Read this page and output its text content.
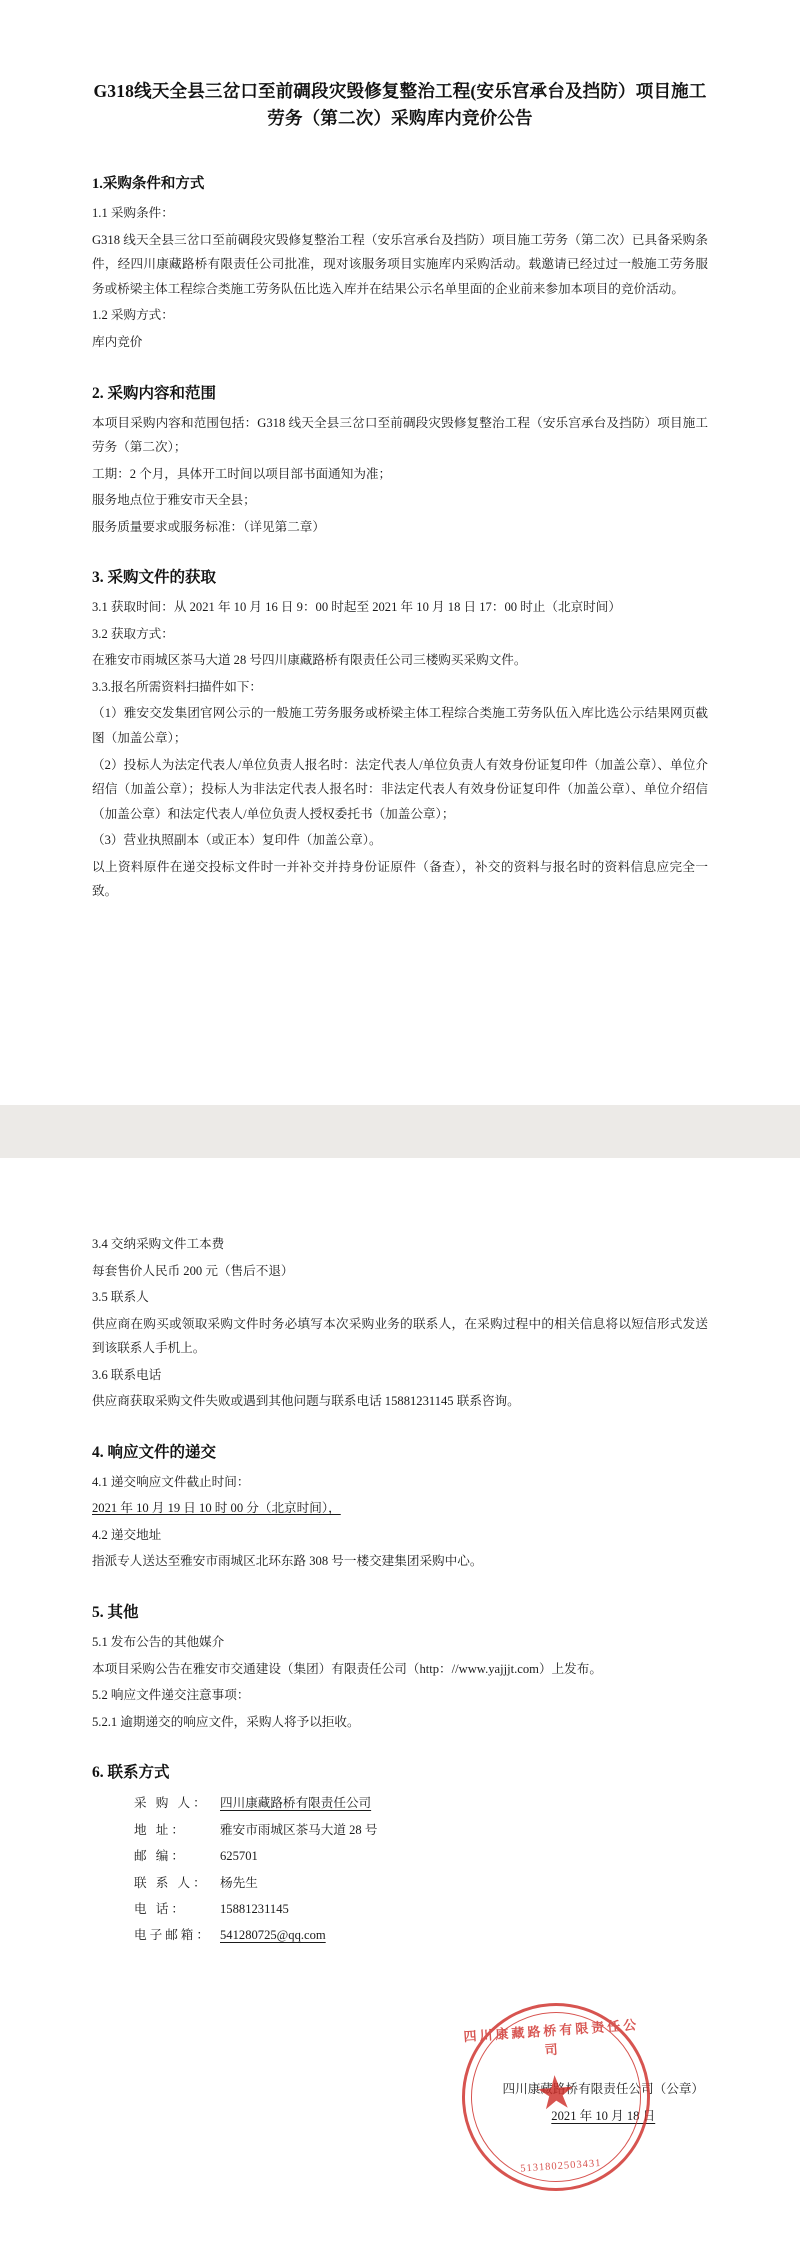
G318线天全县三岔口至前碉段灾毁修复整治工程(安乐宫承台及挡防）项目施工劳务（第二次）采购库内竞价公告
1.采购条件和方式

1.1 采购条件：

G318 线天全县三岔口至前碉段灾毁修复整治工程（安乐宫承台及挡防）项目施工劳务（第二次）已具备采购条件，经四川康藏路桥有限责任公司批准，现对该服务项目实施库内采购活动。载邀请已经过过一般施工劳务服务或桥梁主体工程综合类施工劳务队伍比选入库并在结果公示名单里面的企业前来参加本项目的竞价活动。

1.2 采购方式：

库内竞价

2. 采购内容和范围

本项目采购内容和范围包括：G318 线天全县三岔口至前碉段灾毁修复整治工程（安乐宫承台及挡防）项目施工劳务（第二次）；

工期：2 个月，具体开工时间以项目部书面通知为准；

服务地点位于雅安市天全县；

服务质量要求或服务标准：（详见第二章）

3. 采购文件的获取

3.1 获取时间：从 2021 年 10 月 16 日 9：00 时起至 2021 年 10 月 18 日 17：00 时止（北京时间）

3.2 获取方式：

在雅安市雨城区茶马大道 28 号四川康藏路桥有限责任公司三楼购买采购文件。

3.3.报名所需资料扫描件如下：

（1）雅安交发集团官网公示的一般施工劳务服务或桥梁主体工程综合类施工劳务队伍入库比选公示结果网页截图（加盖公章）；

（2）投标人为法定代表人/单位负责人报名时：法定代表人/单位负责人有效身份证复印件（加盖公章）、单位介绍信（加盖公章）；投标人为非法定代表人报名时：非法定代表人有效身份证复印件（加盖公章）、单位介绍信（加盖公章）和法定代表人/单位负责人授权委托书（加盖公章）；

（3）营业执照副本（或正本）复印件（加盖公章）。

以上资料原件在递交投标文件时一并补交并持身份证原件（备查），补交的资料与报名时的资料信息应完全一致。

3.4 交纳采购文件工本费

每套售价人民币 200 元（售后不退）

3.5 联系人

供应商在购买或领取采购文件时务必填写本次采购业务的联系人，在采购过程中的相关信息将以短信形式发送到该联系人手机上。

3.6 联系电话

供应商获取采购文件失败或遇到其他问题与联系电话 15881231145 联系咨询。

4. 响应文件的递交

4.1 递交响应文件截止时间：

2021 年 10 月 19 日 10 时 00 分（北京时间），

4.2 递交地址

指派专人送达至雅安市雨城区北环东路 308 号一楼交建集团采购中心。

5. 其他

5.1 发布公告的其他媒介

本项目采购公告在雅安市交通建设（集团）有限责任公司（http：//www.yajjjt.com）上发布。

5.2 响应文件递交注意事项：

5.2.1 逾期递交的响应文件，采购人将予以拒收。

6. 联系方式
采 购 人： 四川康藏路桥有限责任公司
地 址：	雅安市雨城区茶马大道 28 号
邮 编：	625701
联 系 人： 杨先生
电 话：	15881231145
电子邮箱： 541280725@qq.com
四川康藏路桥有限责任公司（公章）
2021 年 10 月 18 日
四川康藏路桥有限责任公司
★
5131802503431
